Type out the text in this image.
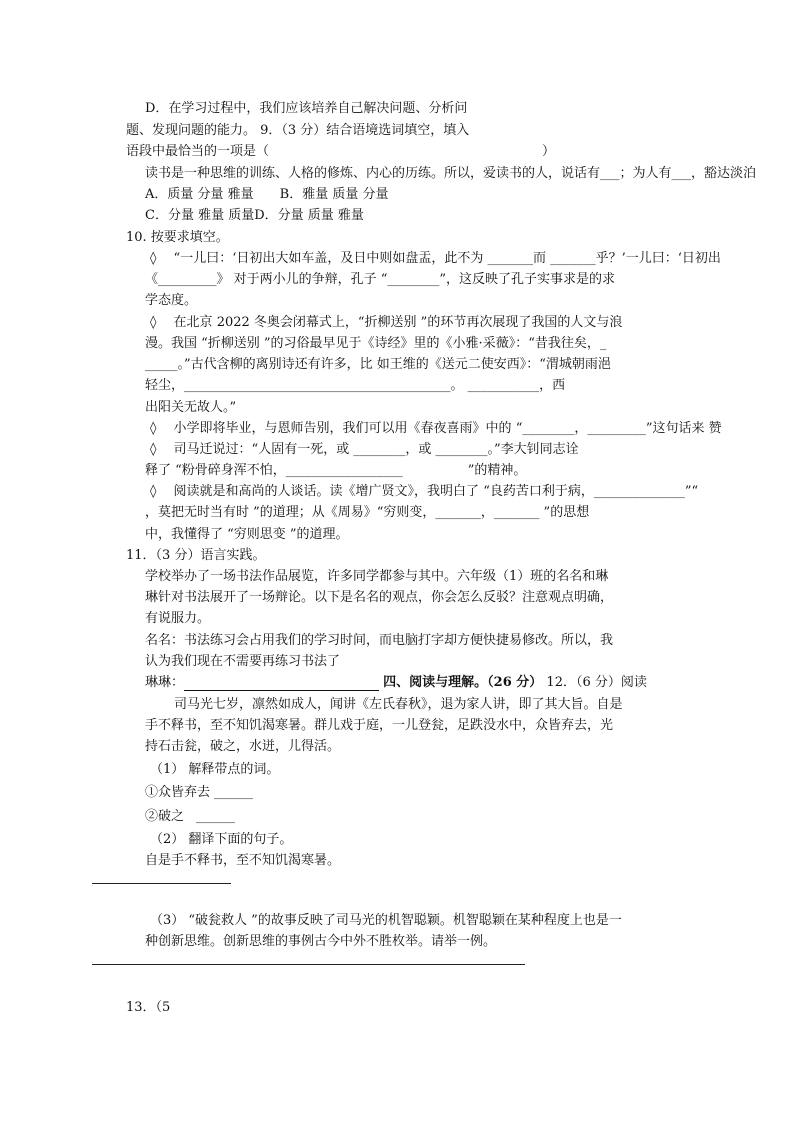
D．在学习过程中，我们应该培养自己解决问题、分析问
题、发现问题的能力。 9．（3 分）结合语境选词填空，填入
语段中最恰当的一项是（　　　　　　　　　　　　　　　　　　　　　）
读书是一种思维的训练、人格的修炼、内心的历练。所以，爱读书的人，说话有___；为人有___，豁达淡泊
A．质量 分量 雅量　　B．雅量 质量 分量
C．分量 雅量 质量D．分量 质量 雅量
10. 按要求填空。
◊　 “一儿曰：‘日初出大如车盖，及日中则如盘盂，此不为 _______而 _______乎？’一儿曰：‘日初出
《_________》 对于两小儿的争辩，孔子 “________”，这反映了孔子实事求是的求
学态度。
◊　 在北京 2022 冬奥会闭幕式上，“折柳送别 ”的环节再次展现了我国的人文与浪
漫。我国 “折柳送别 ”的习俗最早见于《诗经》里的《小雅·采薇》：“昔我往矣，_
_____。”古代含柳的离别诗还有许多，比 如王维的《送元二使安西》：“渭城朝雨浥
轻尘，_________________________________________。 ___________，西
出阳关无故人。”
◊　 小学即将毕业，与恩师告别，我们可以用《春夜喜雨》中的 “________，_________”这句话来 赞
◊　 司马迁说过：“人固有一死，或 ________，或 ________。”李大钊同志诠
释了 “粉骨碎身浑不怕，__________________　　　　　”的精神。
◊　 阅读就是和高尚的人谈话。读《增广贤文》，我明白了 “良药苦口利于病，______________”“
，莫把无时当有时 ”的道理；从《周易》“穷则变，_______，_______ ”的思想
中，我懂得了 “穷则思变 ”的道理。
11．（3 分）语言实践。
学校举办了一场书法作品展览，许多同学都参与其中。六年级（1）班的名名和琳
琳针对书法展开了一场辩论。以下是名名的观点，你会怎么反驳？注意观点明确，
有说服力。
名名：书法练习会占用我们的学习时间，而电脑打字却方便快捷易修改。所以，我
认为我们现在不需要再练习书法了
琳琳：	四、阅读与理解。（26 分） 12．（6 分）阅读
司马光七岁，凛然如成人，闻讲《左氏春秋》，退为家人讲，即了其大旨。自是
手不释书，至不知饥渴寒暑。群儿戏于庭，一儿登瓮，足跌没水中，众皆弃去，光
持石击瓮，破之，水迸，儿得活。
（1） 解释带点的词。
①众皆弃去 ______
②破之 ______
（2） 翻译下面的句子。
自是手不释书，至不知饥渴寒暑。
（3） “破瓮救人 ”的故事反映了司马光的机智聪颖。机智聪颖在某种程度上也是一
种创新思维。创新思维的事例古今中外不胜枚举。请举一例。
13．（5
